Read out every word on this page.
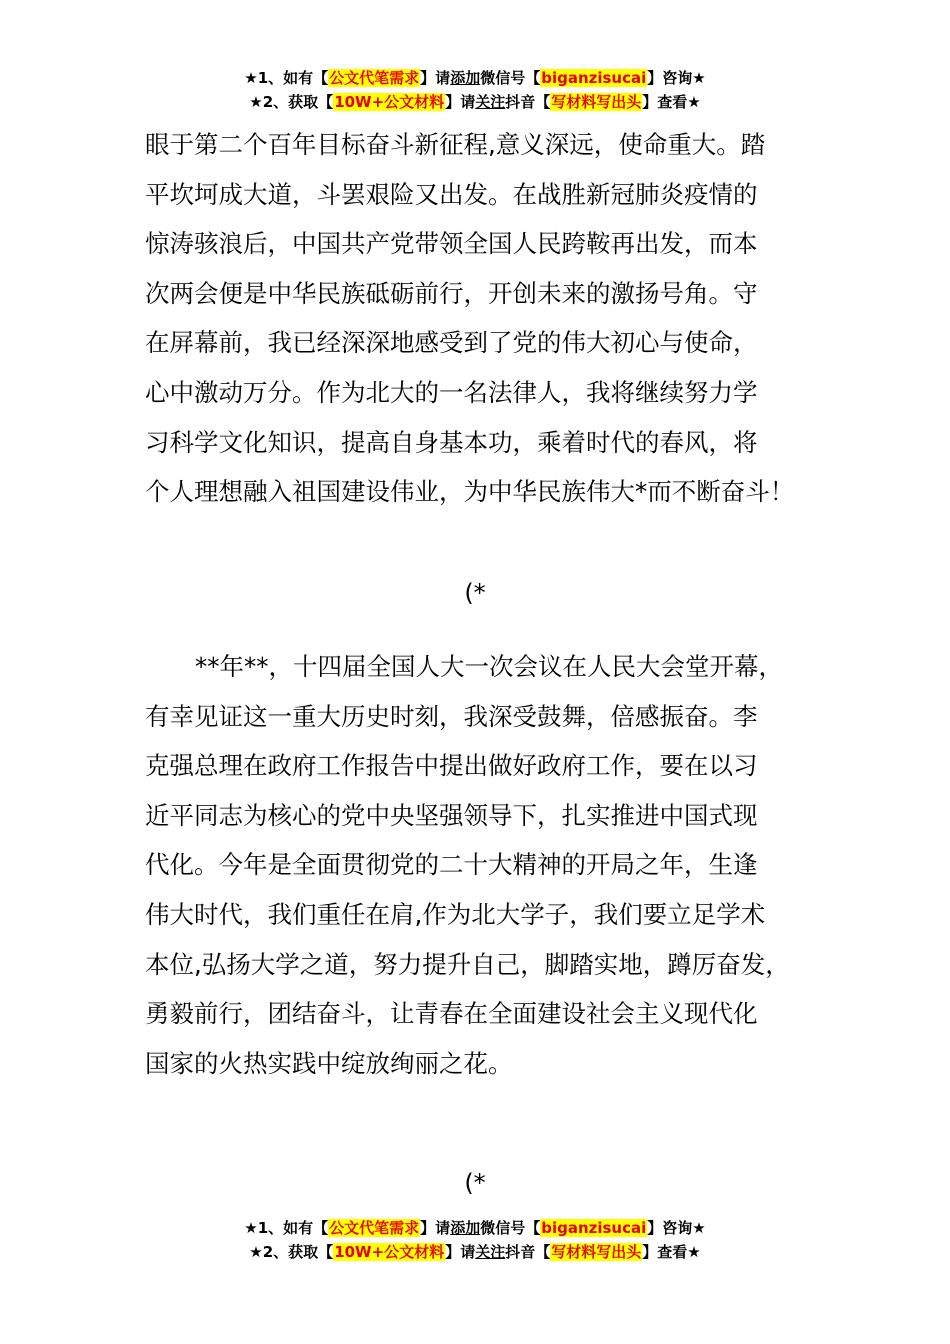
★1、如有【公文代笔需求】请添加微信号【biganzisucai】咨询★
★2、获取【10W+公文材料】请关注抖音【写材料写出头】查看★
眼于第二个百年目标奋斗新征程,意义深远，使命重大。踏
平坎坷成大道，斗罢艰险又出发。在战胜新冠肺炎疫情的
惊涛骇浪后，中国共产党带领全国人民跨鞍再出发，而本
次两会便是中华民族砥砺前行，开创未来的激扬号角。守
在屏幕前，我已经深深地感受到了党的伟大初心与使命，
心中激动万分。作为北大的一名法律人，我将继续努力学
习科学文化知识，提高自身基本功，乘着时代的春风，将
个人理想融入祖国建设伟业，为中华民族伟大*而不断奋斗！
(*
**年**，十四届全国人大一次会议在人民大会堂开幕，
有幸见证这一重大历史时刻，我深受鼓舞，倍感振奋。李
克强总理在政府工作报告中提出做好政府工作，要在以习
近平同志为核心的党中央坚强领导下，扎实推进中国式现
代化。今年是全面贯彻党的二十大精神的开局之年，生逢
伟大时代，我们重任在肩,作为北大学子，我们要立足学术
本位,弘扬大学之道，努力提升自己，脚踏实地，蹲厉奋发，
勇毅前行，团结奋斗，让青春在全面建设社会主义现代化
国家的火热实践中绽放绚丽之花。
(*
★1、如有【公文代笔需求】请添加微信号【biganzisucai】咨询★
★2、获取【10W+公文材料】请关注抖音【写材料写出头】查看★
